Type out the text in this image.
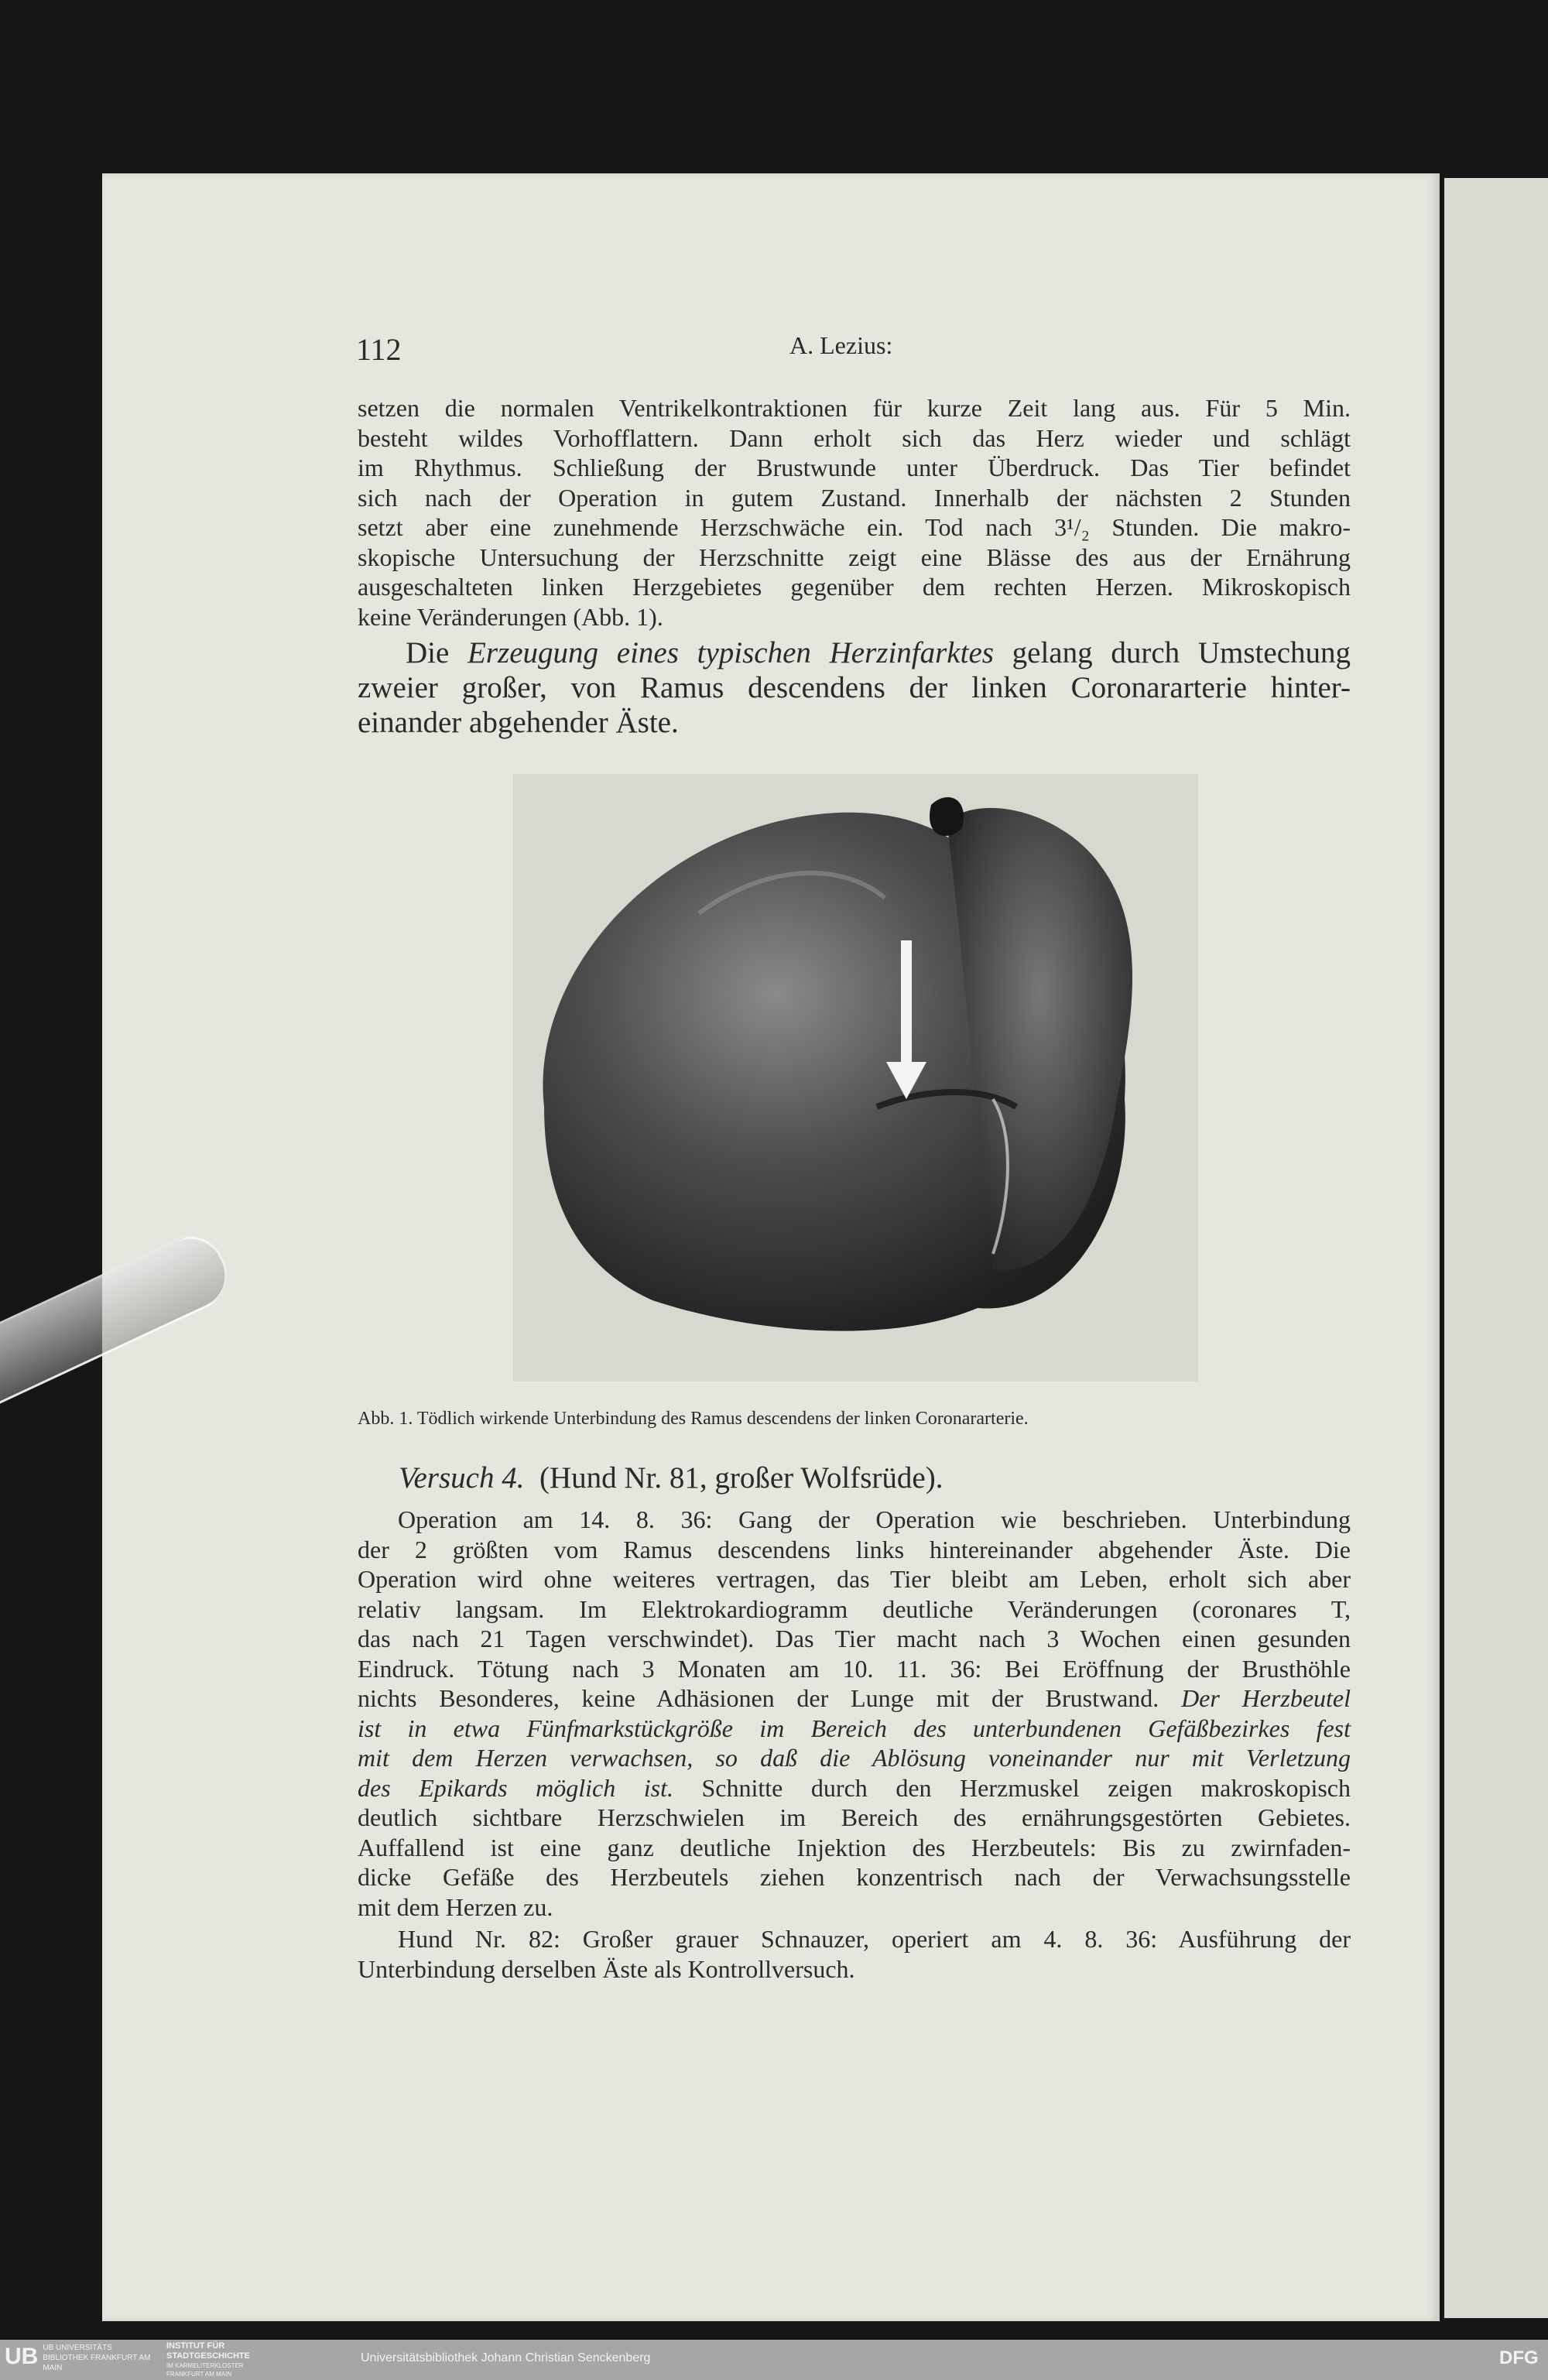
112	A. Lezius:
setzen die normalen Ventrikelkontraktionen für kurze Zeit lang aus. Für 5 Min.
besteht wildes Vorhofflattern. Dann erholt sich das Herz wieder und schlägt
im Rhythmus. Schließung der Brustwunde unter Überdruck. Das Tier befindet
sich nach der Operation in gutem Zustand. Innerhalb der nächsten 2 Stunden
setzt aber eine zunehmende Herzschwäche ein. Tod nach 3¹/₂ Stunden. Die makro-
skopische Untersuchung der Herzschnitte zeigt eine Blässe des aus der Ernährung
ausgeschalteten linken Herzgebietes gegenüber dem rechten Herzen. Mikroskopisch
keine Veränderungen (Abb. 1).
Die Erzeugung eines typischen Herzinfarktes gelang durch Umstechung
zweier großer, von Ramus descendens der linken Coronararterie hinter-
einander abgehender Äste.
Abb. 1. Tödlich wirkende Unterbindung des Ramus descendens der linken Coronararterie.
Versuch 4.  (Hund Nr. 81, großer Wolfsrüde).
Operation am 14. 8. 36: Gang der Operation wie beschrieben. Unterbindung
der 2 größten vom Ramus descendens links hintereinander abgehender Äste. Die
Operation wird ohne weiteres vertragen, das Tier bleibt am Leben, erholt sich aber
relativ langsam. Im Elektrokardiogramm deutliche Veränderungen (coronares T,
das nach 21 Tagen verschwindet). Das Tier macht nach 3 Wochen einen gesunden
Eindruck. Tötung nach 3 Monaten am 10. 11. 36: Bei Eröffnung der Brusthöhle
nichts Besonderes, keine Adhäsionen der Lunge mit der Brustwand. Der Herzbeutel
ist in etwa Fünfmarkstückgröße im Bereich des unterbundenen Gefäßbezirkes fest
mit dem Herzen verwachsen, so daß die Ablösung voneinander nur mit Verletzung
des Epikards möglich ist. Schnitte durch den Herzmuskel zeigen makroskopisch
deutlich sichtbare Herzschwielen im Bereich des ernährungsgestörten Gebietes.
Auffallend ist eine ganz deutliche Injektion des Herzbeutels: Bis zu zwirnfaden-
dicke Gefäße des Herzbeutels ziehen konzentrisch nach der Verwachsungsstelle
mit dem Herzen zu.
Hund Nr. 82: Großer grauer Schnauzer, operiert am 4. 8. 36: Ausführung der
Unterbindung derselben Äste als Kontrollversuch.
UB UB UNIVERSITÄTS BIBLIOTHEK FRANKFURT AM MAIN
INSTITUT FÜR
STADTGESCHICHTE
IM KARMELITERKLOSTER
FRANKFURT AM MAIN
Universitätsbibliothek Johann Christian Senckenberg	DFG
